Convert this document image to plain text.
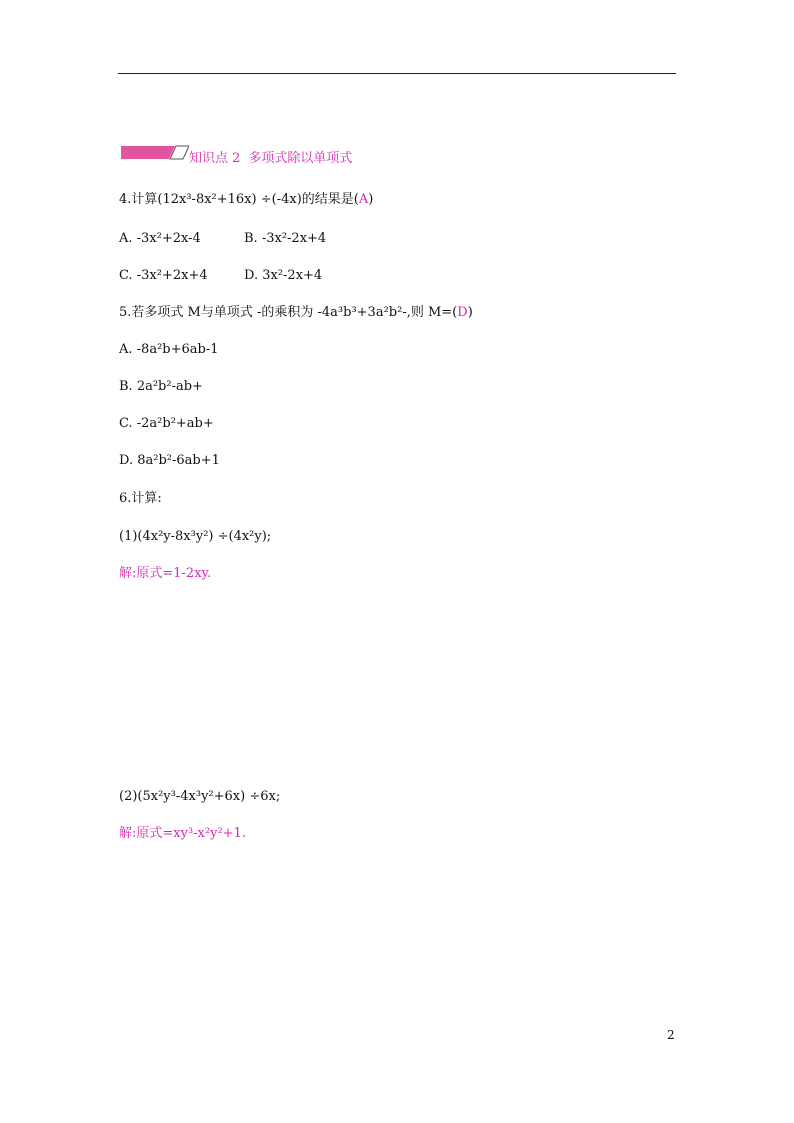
知识点 2 多项式除以单项式
4.计算(12x³-8x²+16x) ÷(-4x)的结果是(A)
A. -3x²+2x-4	B. -3x²-2x+4
C. -3x²+2x+4	D. 3x²-2x+4
5.若多项式 M与单项式 -的乘积为 -4a³b³+3a²b²-,则 M=(D)
A. -8a²b+6ab-1
B. 2a²b²-ab+
C. -2a²b²+ab+
D. 8a²b²-6ab+1
6.计算:
(1)(4x²y-8x³y²) ÷(4x²y);
解:原式=1-2xy.
(2)(5x²y³-4x³y²+6x) ÷6x;
解:原式=xy³-x²y²+1.
2
